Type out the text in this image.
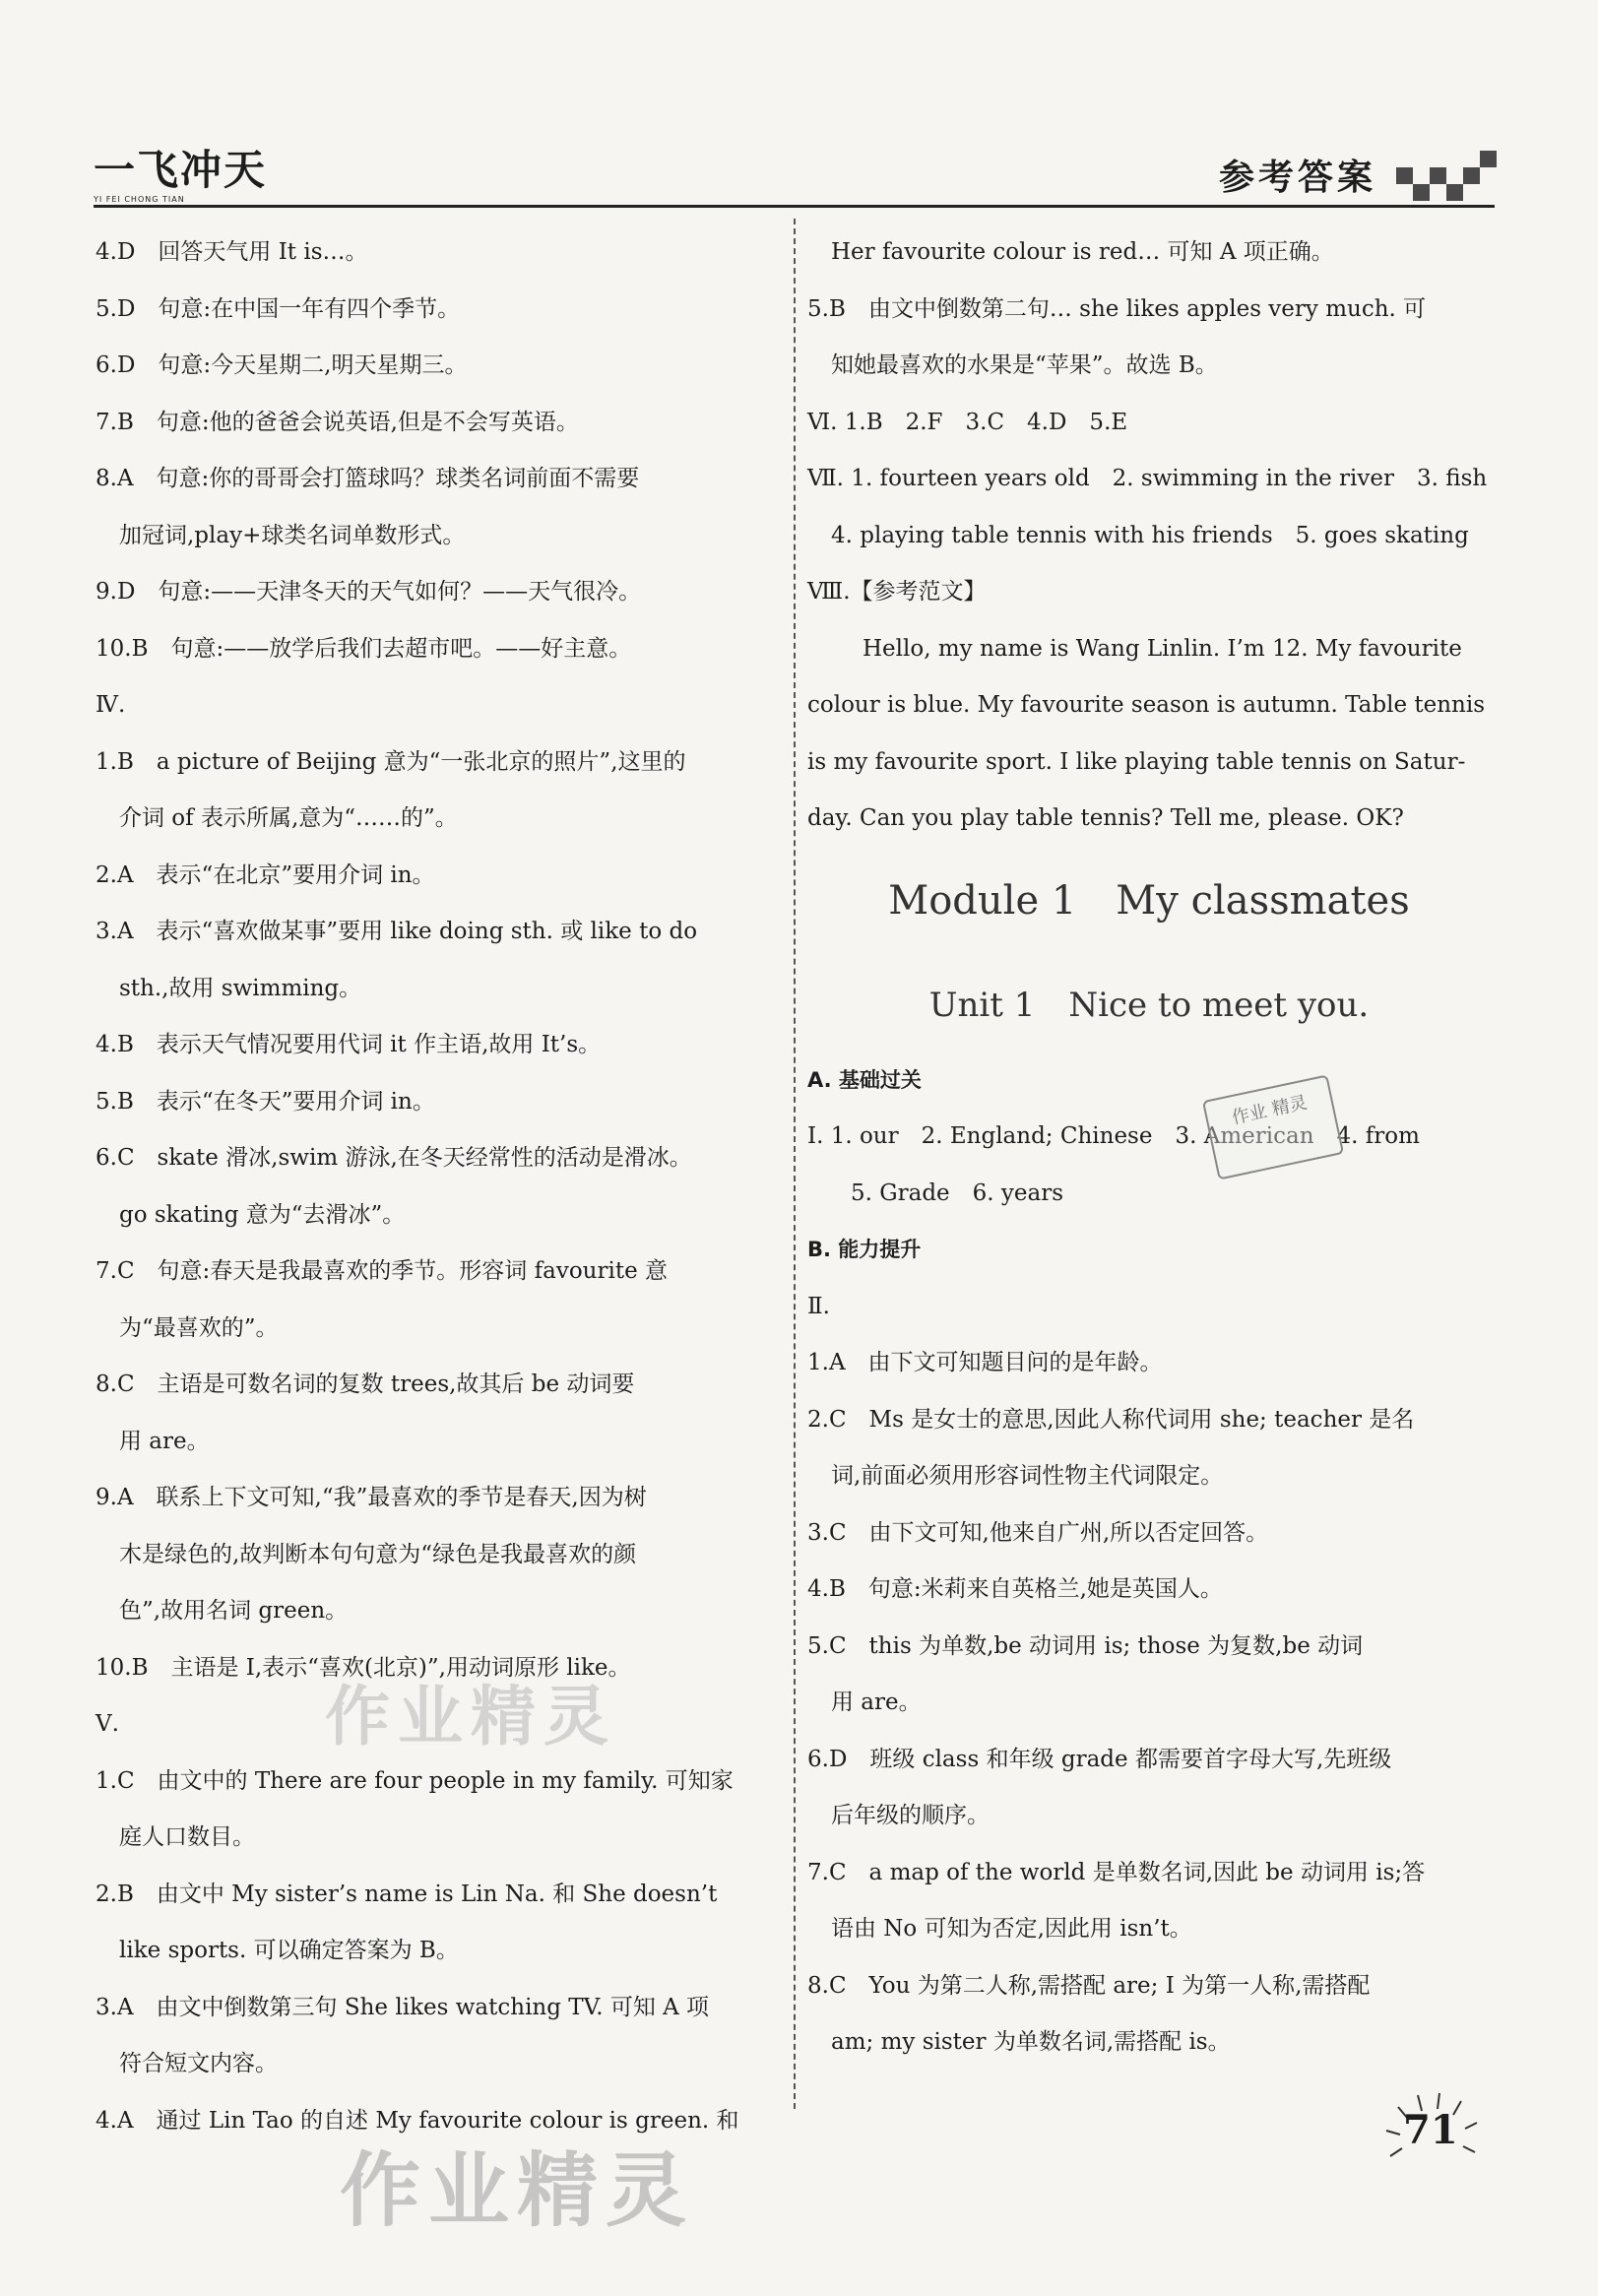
一飞冲天
YI FEI CHONG TIAN
参考答案
4.D　回答天气用 It is…。
5.D　句意:在中国一年有四个季节。
6.D　句意:今天星期二,明天星期三。
7.B　句意:他的爸爸会说英语,但是不会写英语。
8.A　句意:你的哥哥会打篮球吗？球类名词前面不需要
加冠词,play+球类名词单数形式。
9.D　句意:——天津冬天的天气如何？——天气很冷。
10.B　句意:——放学后我们去超市吧。——好主意。
Ⅳ.
1.B　a picture of Beijing 意为“一张北京的照片”,这里的
介词 of 表示所属,意为“……的”。
2.A　表示“在北京”要用介词 in。
3.A　表示“喜欢做某事”要用 like doing sth. 或 like to do
sth.,故用 swimming。
4.B　表示天气情况要用代词 it 作主语,故用 It’s。
5.B　表示“在冬天”要用介词 in。
6.C　skate 滑冰,swim 游泳,在冬天经常性的活动是滑冰。
go skating 意为“去滑冰”。
7.C　句意:春天是我最喜欢的季节。形容词 favourite 意
为“最喜欢的”。
8.C　主语是可数名词的复数 trees,故其后 be 动词要
用 are。
9.A　联系上下文可知,“我”最喜欢的季节是春天,因为树
木是绿色的,故判断本句句意为“绿色是我最喜欢的颜
色”,故用名词 green。
10.B　主语是 I,表示“喜欢(北京)”,用动词原形 like。
Ⅴ.
1.C　由文中的 There are four people in my family. 可知家
庭人口数目。
2.B　由文中 My sister’s name is Lin Na. 和 She doesn’t
like sports. 可以确定答案为 B。
3.A　由文中倒数第三句 She likes watching TV. 可知 A 项
符合短文内容。
4.A　通过 Lin Tao 的自述 My favourite colour is green. 和
Her favourite colour is red… 可知 A 项正确。
5.B　由文中倒数第二句… she likes apples very much. 可
知她最喜欢的水果是“苹果”。故选 B。
Ⅵ. 1.B　2.F　3.C　4.D　5.E
Ⅶ. 1. fourteen years old　2. swimming in the river　3. fish
4. playing table tennis with his friends　5. goes skating
Ⅷ.【参考范文】
Hello, my name is Wang Linlin. I’m 12. My favourite
colour is blue. My favourite season is autumn. Table tennis
is my favourite sport. I like playing table tennis on Satur-
day. Can you play table tennis? Tell me, please. OK?
Module 1　My classmates
Unit 1　Nice to meet you.
A. 基础过关
Ⅰ. 1. our　2. England; Chinese　3. American　4. from
5. Grade　6. years
B. 能力提升
Ⅱ.
1.A　由下文可知题目问的是年龄。
2.C　Ms 是女士的意思,因此人称代词用 she; teacher 是名
词,前面必须用形容词性物主代词限定。
3.C　由下文可知,他来自广州,所以否定回答。
4.B　句意:米莉来自英格兰,她是英国人。
5.C　this 为单数,be 动词用 is; those 为复数,be 动词
用 are。
6.D　班级 class 和年级 grade 都需要首字母大写,先班级
后年级的顺序。
7.C　a map of the world 是单数名词,因此 be 动词用 is;答
语由 No 可知为否定,因此用 isn’t。
8.C　You 为第二人称,需搭配 are; I 为第一人称,需搭配
am; my sister 为单数名词,需搭配 is。
作业 精灵
作业精灵
作业精灵
71
